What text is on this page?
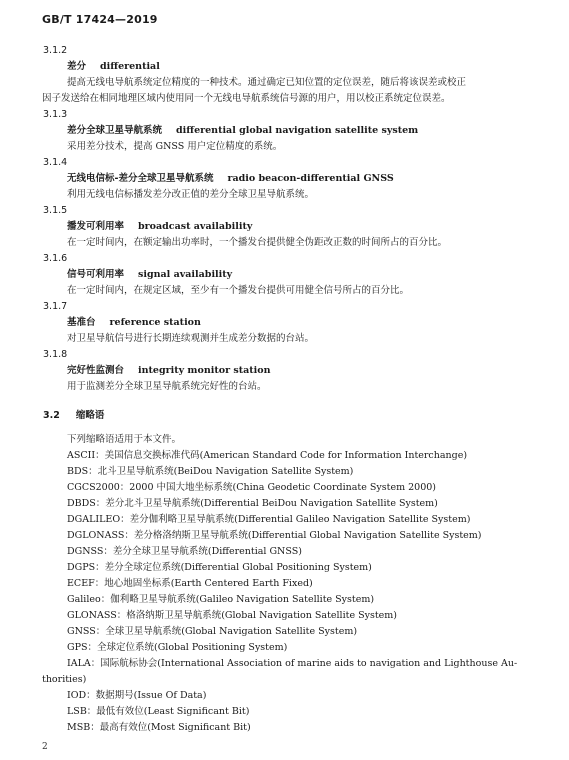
GB/T 17424—2019
3.1.2
差分 differential
提高无线电导航系统定位精度的一种技术。通过确定已知位置的定位误差，随后将该误差或校正
因子发送给在相同地理区域内使用同一个无线电导航系统信号源的用户，用以校正系统定位误差。
3.1.3
差分全球卫星导航系统 differential global navigation satellite system
采用差分技术，提高 GNSS 用户定位精度的系统。
3.1.4
无线电信标-差分全球卫星导航系统 radio beacon-differential GNSS
利用无线电信标播发差分改正值的差分全球卫星导航系统。
3.1.5
播发可利用率 broadcast availability
在一定时间内，在额定输出功率时，一个播发台提供健全伪距改正数的时间所占的百分比。
3.1.6
信号可利用率 signal availability
在一定时间内，在规定区域，至少有一个播发台提供可用健全信号所占的百分比。
3.1.7
基准台 reference station
对卫星导航信号进行长期连续观测并生成差分数据的台站。
3.1.8
完好性监测台 integrity monitor station
用于监测差分全球卫星导航系统完好性的台站。
3.2 缩略语
下列缩略语适用于本文件。
ASCII：美国信息交换标准代码(American Standard Code for Information Interchange)
BDS：北斗卫星导航系统(BeiDou Navigation Satellite System)
CGCS2000：2000 中国大地坐标系统(China Geodetic Coordinate System 2000)
DBDS：差分北斗卫星导航系统(Differential BeiDou Navigation Satellite System)
DGALILEO：差分伽利略卫星导航系统(Differential Galileo Navigation Satellite System)
DGLONASS：差分格洛纳斯卫星导航系统(Differential Global Navigation Satellite System)
DGNSS：差分全球卫星导航系统(Differential GNSS)
DGPS：差分全球定位系统(Differential Global Positioning System)
ECEF：地心地固坐标系(Earth Centered Earth Fixed)
Galileo：伽利略卫星导航系统(Galileo Navigation Satellite System)
GLONASS：格洛纳斯卫星导航系统(Global Navigation Satellite System)
GNSS：全球卫星导航系统(Global Navigation Satellite System)
GPS：全球定位系统(Global Positioning System)
IALA：国际航标协会(International Association of marine aids to navigation and Lighthouse Au-
thorities)
IOD：数据期号(Issue Of Data)
LSB：最低有效位(Least Significant Bit)
MSB：最高有效位(Most Significant Bit)
2
